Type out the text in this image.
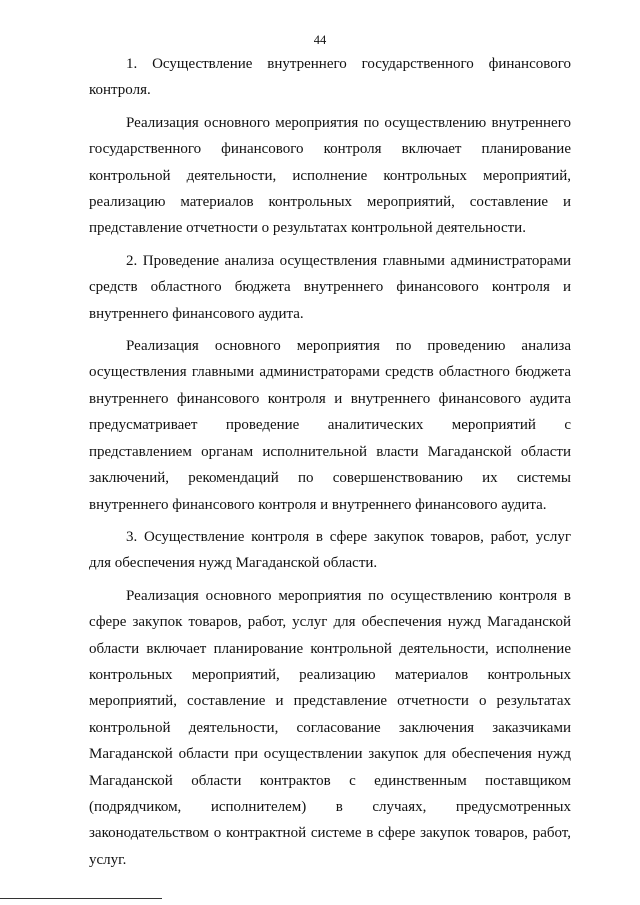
44

1. Осуществление внутреннего государственного финансового контроля.

Реализация основного мероприятия по осуществлению внутреннего государственного финансового контроля включает планирование контрольной деятельности, исполнение контрольных мероприятий, реализацию материалов контрольных мероприятий, составление и представление отчетности о результатах контрольной деятельности.

2. Проведение анализа осуществления главными администраторами средств областного бюджета внутреннего финансового контроля и внутреннего финансового аудита.

Реализация основного мероприятия по проведению анализа осуществления главными администраторами средств областного бюджета внутреннего финансового контроля и внутреннего финансового аудита предусматривает проведение аналитических мероприятий с представлением органам исполнительной власти Магаданской области заключений, рекомендаций по совершенствованию их системы внутреннего финансового контроля и внутреннего финансового аудита.

3. Осуществление контроля в сфере закупок товаров, работ, услуг для обеспечения нужд Магаданской области.

Реализация основного мероприятия по осуществлению контроля в сфере закупок товаров, работ, услуг для обеспечения нужд Магаданской области включает планирование контрольной деятельности, исполнение контрольных мероприятий, реализацию материалов контрольных мероприятий, составление и представление отчетности о результатах контрольной деятельности, согласование заключения заказчиками Магаданской области при осуществлении закупок для обеспечения нужд Магаданской области контрактов с единственным поставщиком (подрядчиком, исполнителем) в случаях, предусмотренных законодательством о контрактной системе в сфере закупок товаров, работ, услуг.
